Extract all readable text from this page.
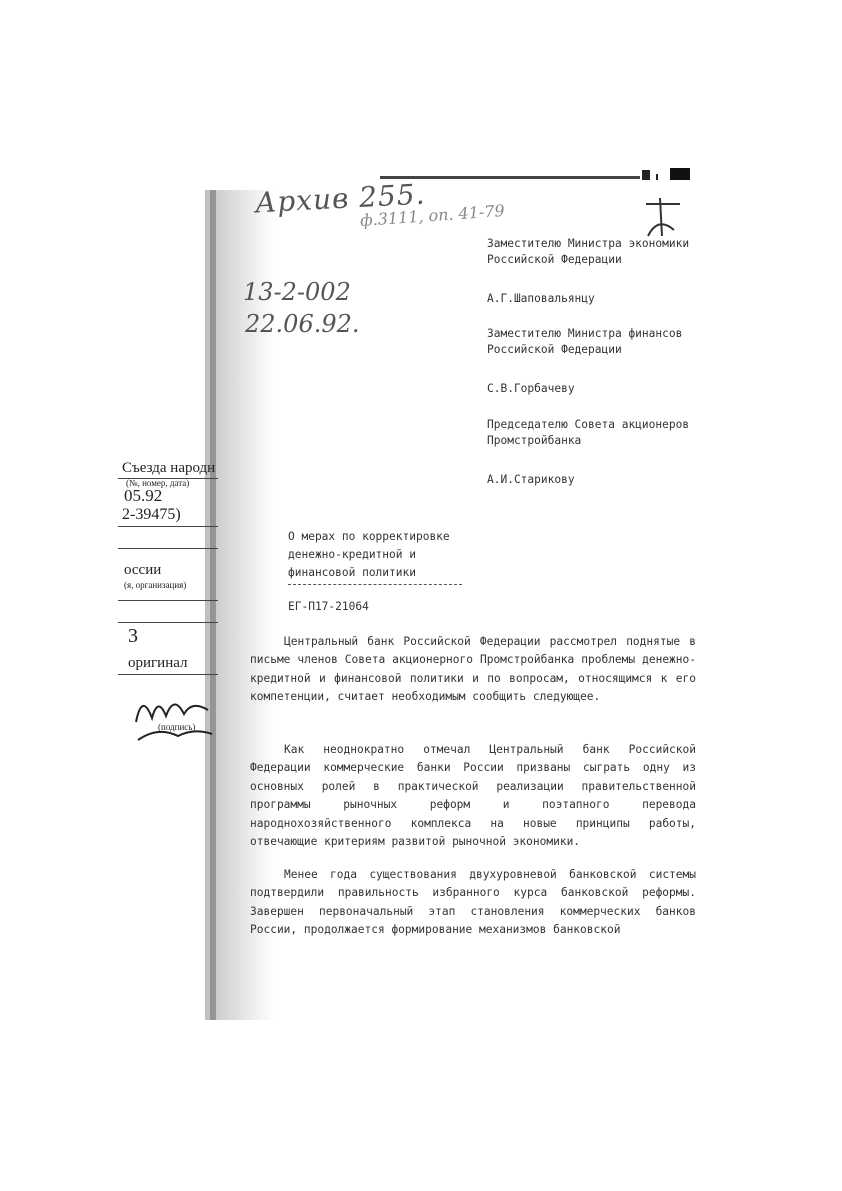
Архив 255.
ф.3111, оп. 41-79
13-2-002
22.06.92.
Заместителю Министра экономики
Российской Федерации
А.Г.Шаповальянцу
Заместителю Министра финансов
Российской Федерации
С.В.Горбачеву
Председателю Совета акционеров
Промстройбанка
А.И.Старикову
О мерах по корректировке
денежно-кредитной и
финансовой политики
ЕГ-П17-21064
Центральный банк Российской Федерации рассмотрел поднятые в письме членов Совета акционерного Промстройбанка проблемы денежно-кредитной и финансовой политики и по вопросам, относящимся к его компетенции, считает необходимым сообщить следующее.
Как неоднократно отмечал Центральный банк Российской Федерации коммерческие банки России призваны сыграть одну из основных ролей в практической реализации правительственной программы рыночных реформ и поэтапного перевода народнохозяйственного комплекса на новые принципы работы, отвечающие критериям развитой рыночной экономики.
Менее года существования двухуровневой банковской системы подтвердили правильность избранного курса банковской реформы. Завершен первоначальный этап становления коммерческих банков России, продолжается формирование механизмов банковской
Съезда народн
(№, номер, дата)
05.92
2-39475)
оссии
(я, организация)
3
оригинал
(подпись)
